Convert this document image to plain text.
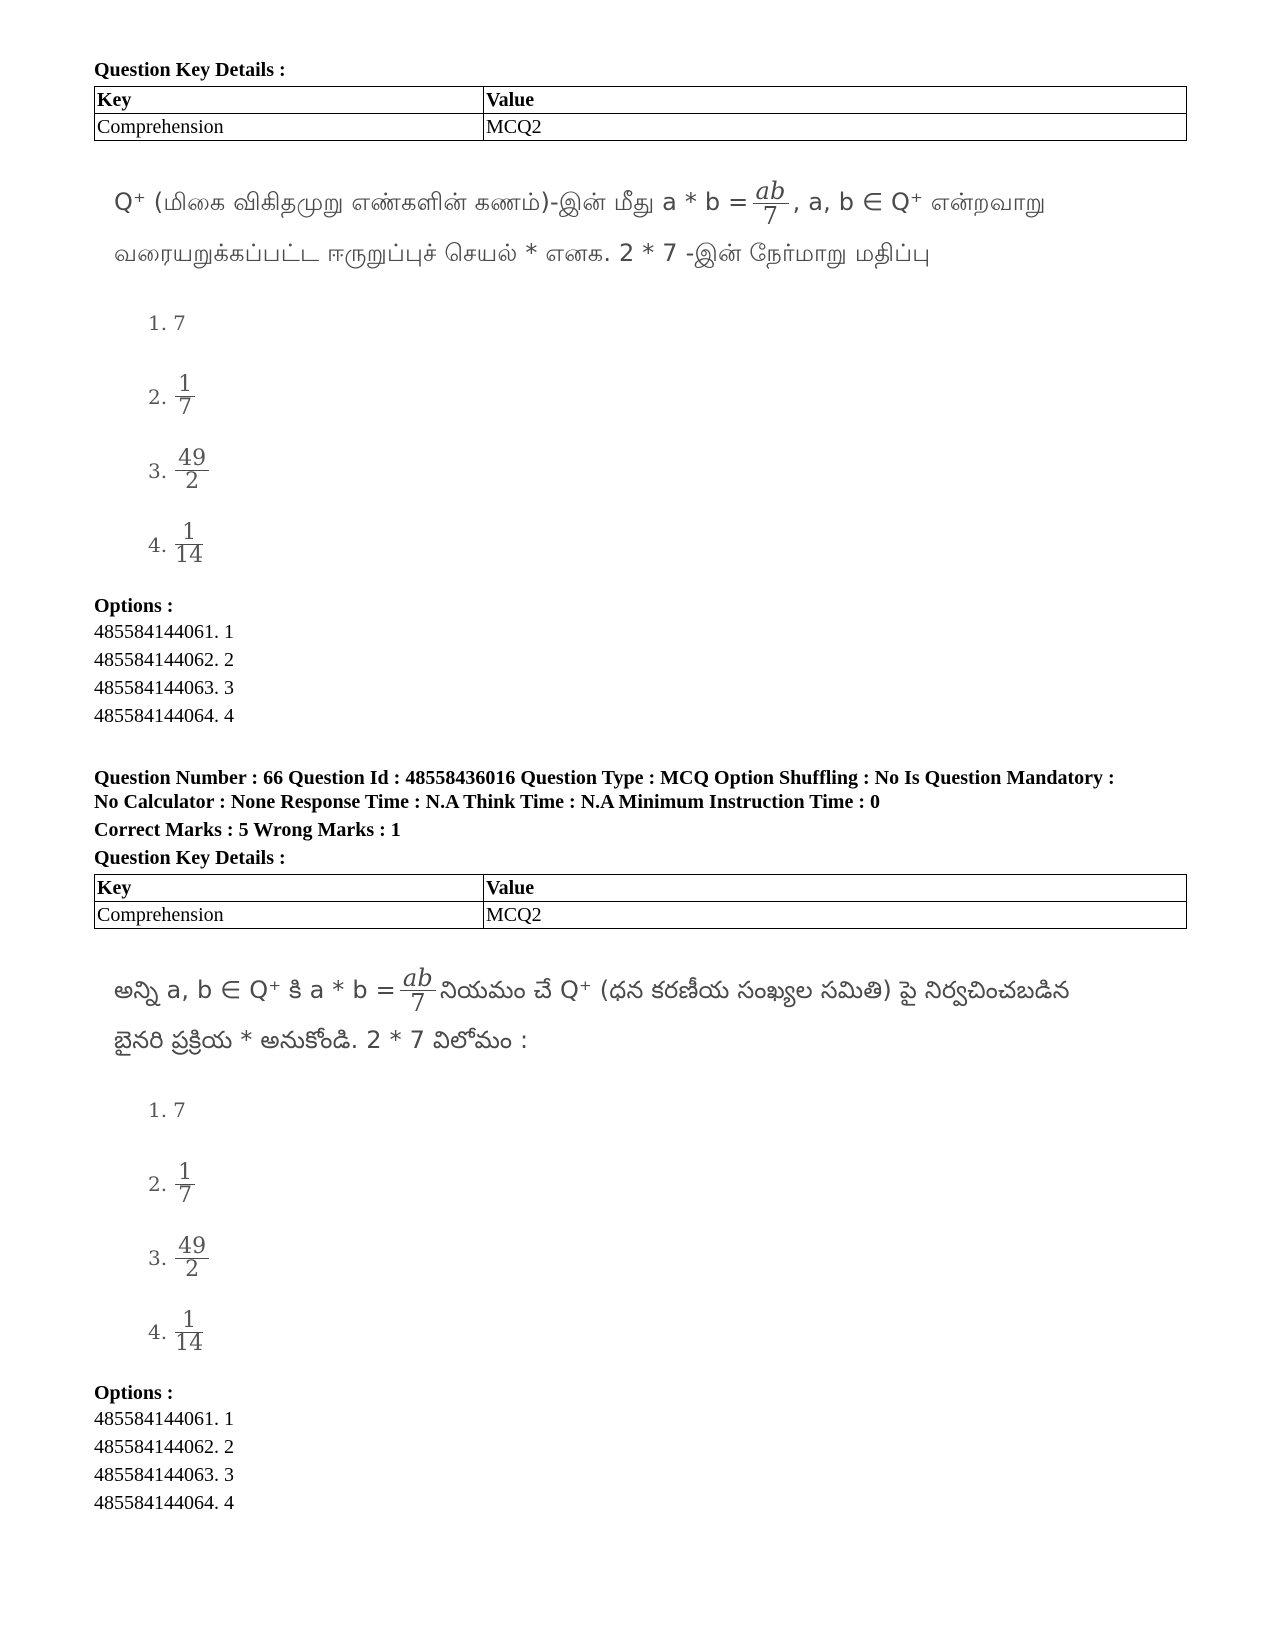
Question Key Details :
Key	Value
Comprehension	MCQ2
Q⁺ (மிகை விகிதமுறு எண்களின் கணம்)-இன் மீது $a * b = \frac{ab}{7}$ , a, b ∈ Q⁺ என்றவாறு
வரையறுக்கப்பட்ட ஈருறுப்புச் செயல் * எனக. 2 * 7 -இன் நேர்மாறு மதிப்பு
1. 7
2. $\frac{1}{7}$
3. $\frac{49}{2}$
4. $\frac{1}{14}$
Options :
485584144061. 1
485584144062. 2
485584144063. 3
485584144064. 4
Question Number : 66 Question Id : 48558436016 Question Type : MCQ Option Shuffling : No Is Question Mandatory :
No Calculator : None Response Time : N.A Think Time : N.A Minimum Instruction Time : 0
Correct Marks : 5 Wrong Marks : 1
Question Key Details :
Key	Value
Comprehension	MCQ2
అన్ని a, b ∈ Q⁺ కి $a * b = \frac{ab}{7}$ నియమం చే Q⁺ (ధన కరణీయ సంఖ్యల సమితి) పై నిర్వచించబడిన
బైనరి ప్రక్రియ * అనుకోండి. 2 * 7 విలోమం :
1. 7
2. $\frac{1}{7}$
3. $\frac{49}{2}$
4. $\frac{1}{14}$
Options :
485584144061. 1
485584144062. 2
485584144063. 3
485584144064. 4
